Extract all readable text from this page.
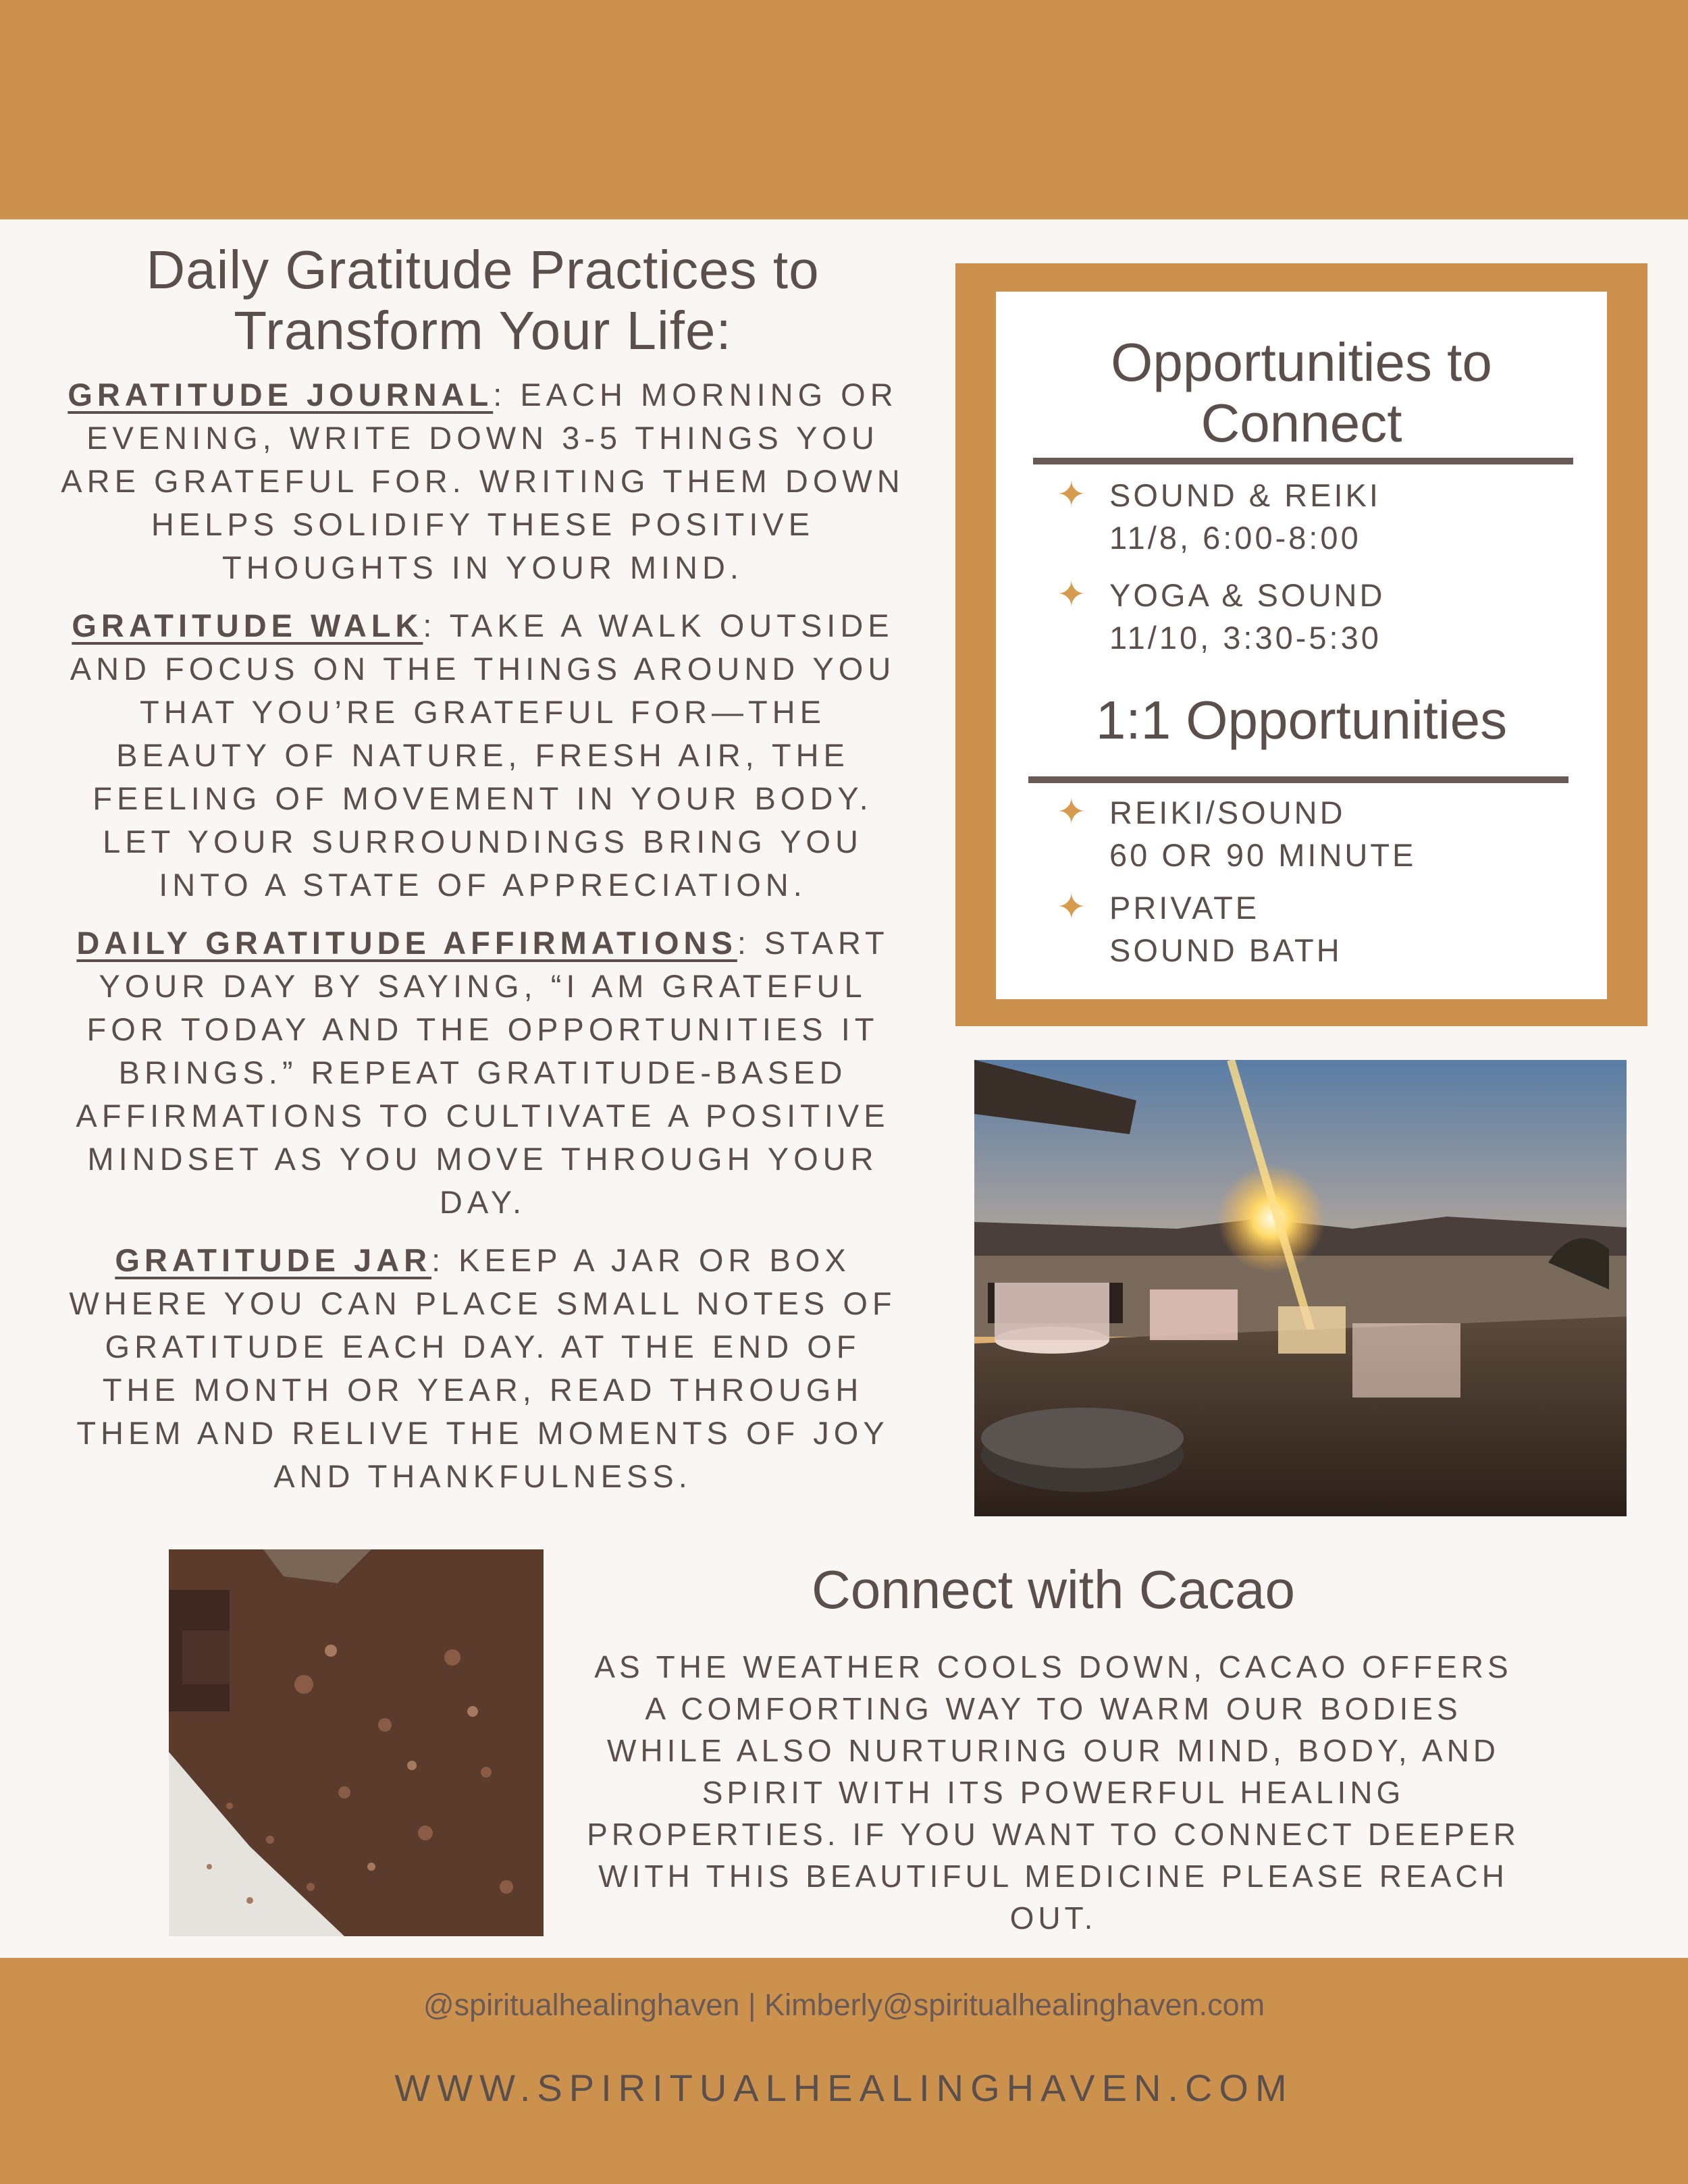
Daily Gratitude Practices to Transform Your Life:

GRATITUDE JOURNAL: EACH MORNING OR EVENING, WRITE DOWN 3-5 THINGS YOU ARE GRATEFUL FOR. WRITING THEM DOWN HELPS SOLIDIFY THESE POSITIVE THOUGHTS IN YOUR MIND.

GRATITUDE WALK: TAKE A WALK OUTSIDE AND FOCUS ON THE THINGS AROUND YOU THAT YOU’RE GRATEFUL FOR—THE BEAUTY OF NATURE, FRESH AIR, THE FEELING OF MOVEMENT IN YOUR BODY. LET YOUR SURROUNDINGS BRING YOU INTO A STATE OF APPRECIATION.

DAILY GRATITUDE AFFIRMATIONS: START YOUR DAY BY SAYING, “I AM GRATEFUL FOR TODAY AND THE OPPORTUNITIES IT BRINGS.” REPEAT GRATITUDE-BASED AFFIRMATIONS TO CULTIVATE A POSITIVE MINDSET AS YOU MOVE THROUGH YOUR DAY.

GRATITUDE JAR: KEEP A JAR OR BOX WHERE YOU CAN PLACE SMALL NOTES OF GRATITUDE EACH DAY. AT THE END OF THE MONTH OR YEAR, READ THROUGH THEM AND RELIVE THE MOMENTS OF JOY AND THANKFULNESS.

Opportunities to
Connect
✦ SOUND & REIKI
11/8, 6:00-8:00
✦ YOGA & SOUND
11/10, 3:30-5:30
1:1 Opportunities
✦ REIKI/SOUND
60 OR 90 MINUTE
✦ PRIVATE
SOUND BATH
Connect with Cacao

AS THE WEATHER COOLS DOWN, CACAO OFFERS A COMFORTING WAY TO WARM OUR BODIES WHILE ALSO NURTURING OUR MIND, BODY, AND SPIRIT WITH ITS POWERFUL HEALING PROPERTIES. IF YOU WANT TO CONNECT DEEPER WITH THIS BEAUTIFUL MEDICINE PLEASE REACH OUT.

@spiritualhealinghaven | Kimberly@spiritualhealinghaven.com
WWW.SPIRITUALHEALINGHAVEN.COM
